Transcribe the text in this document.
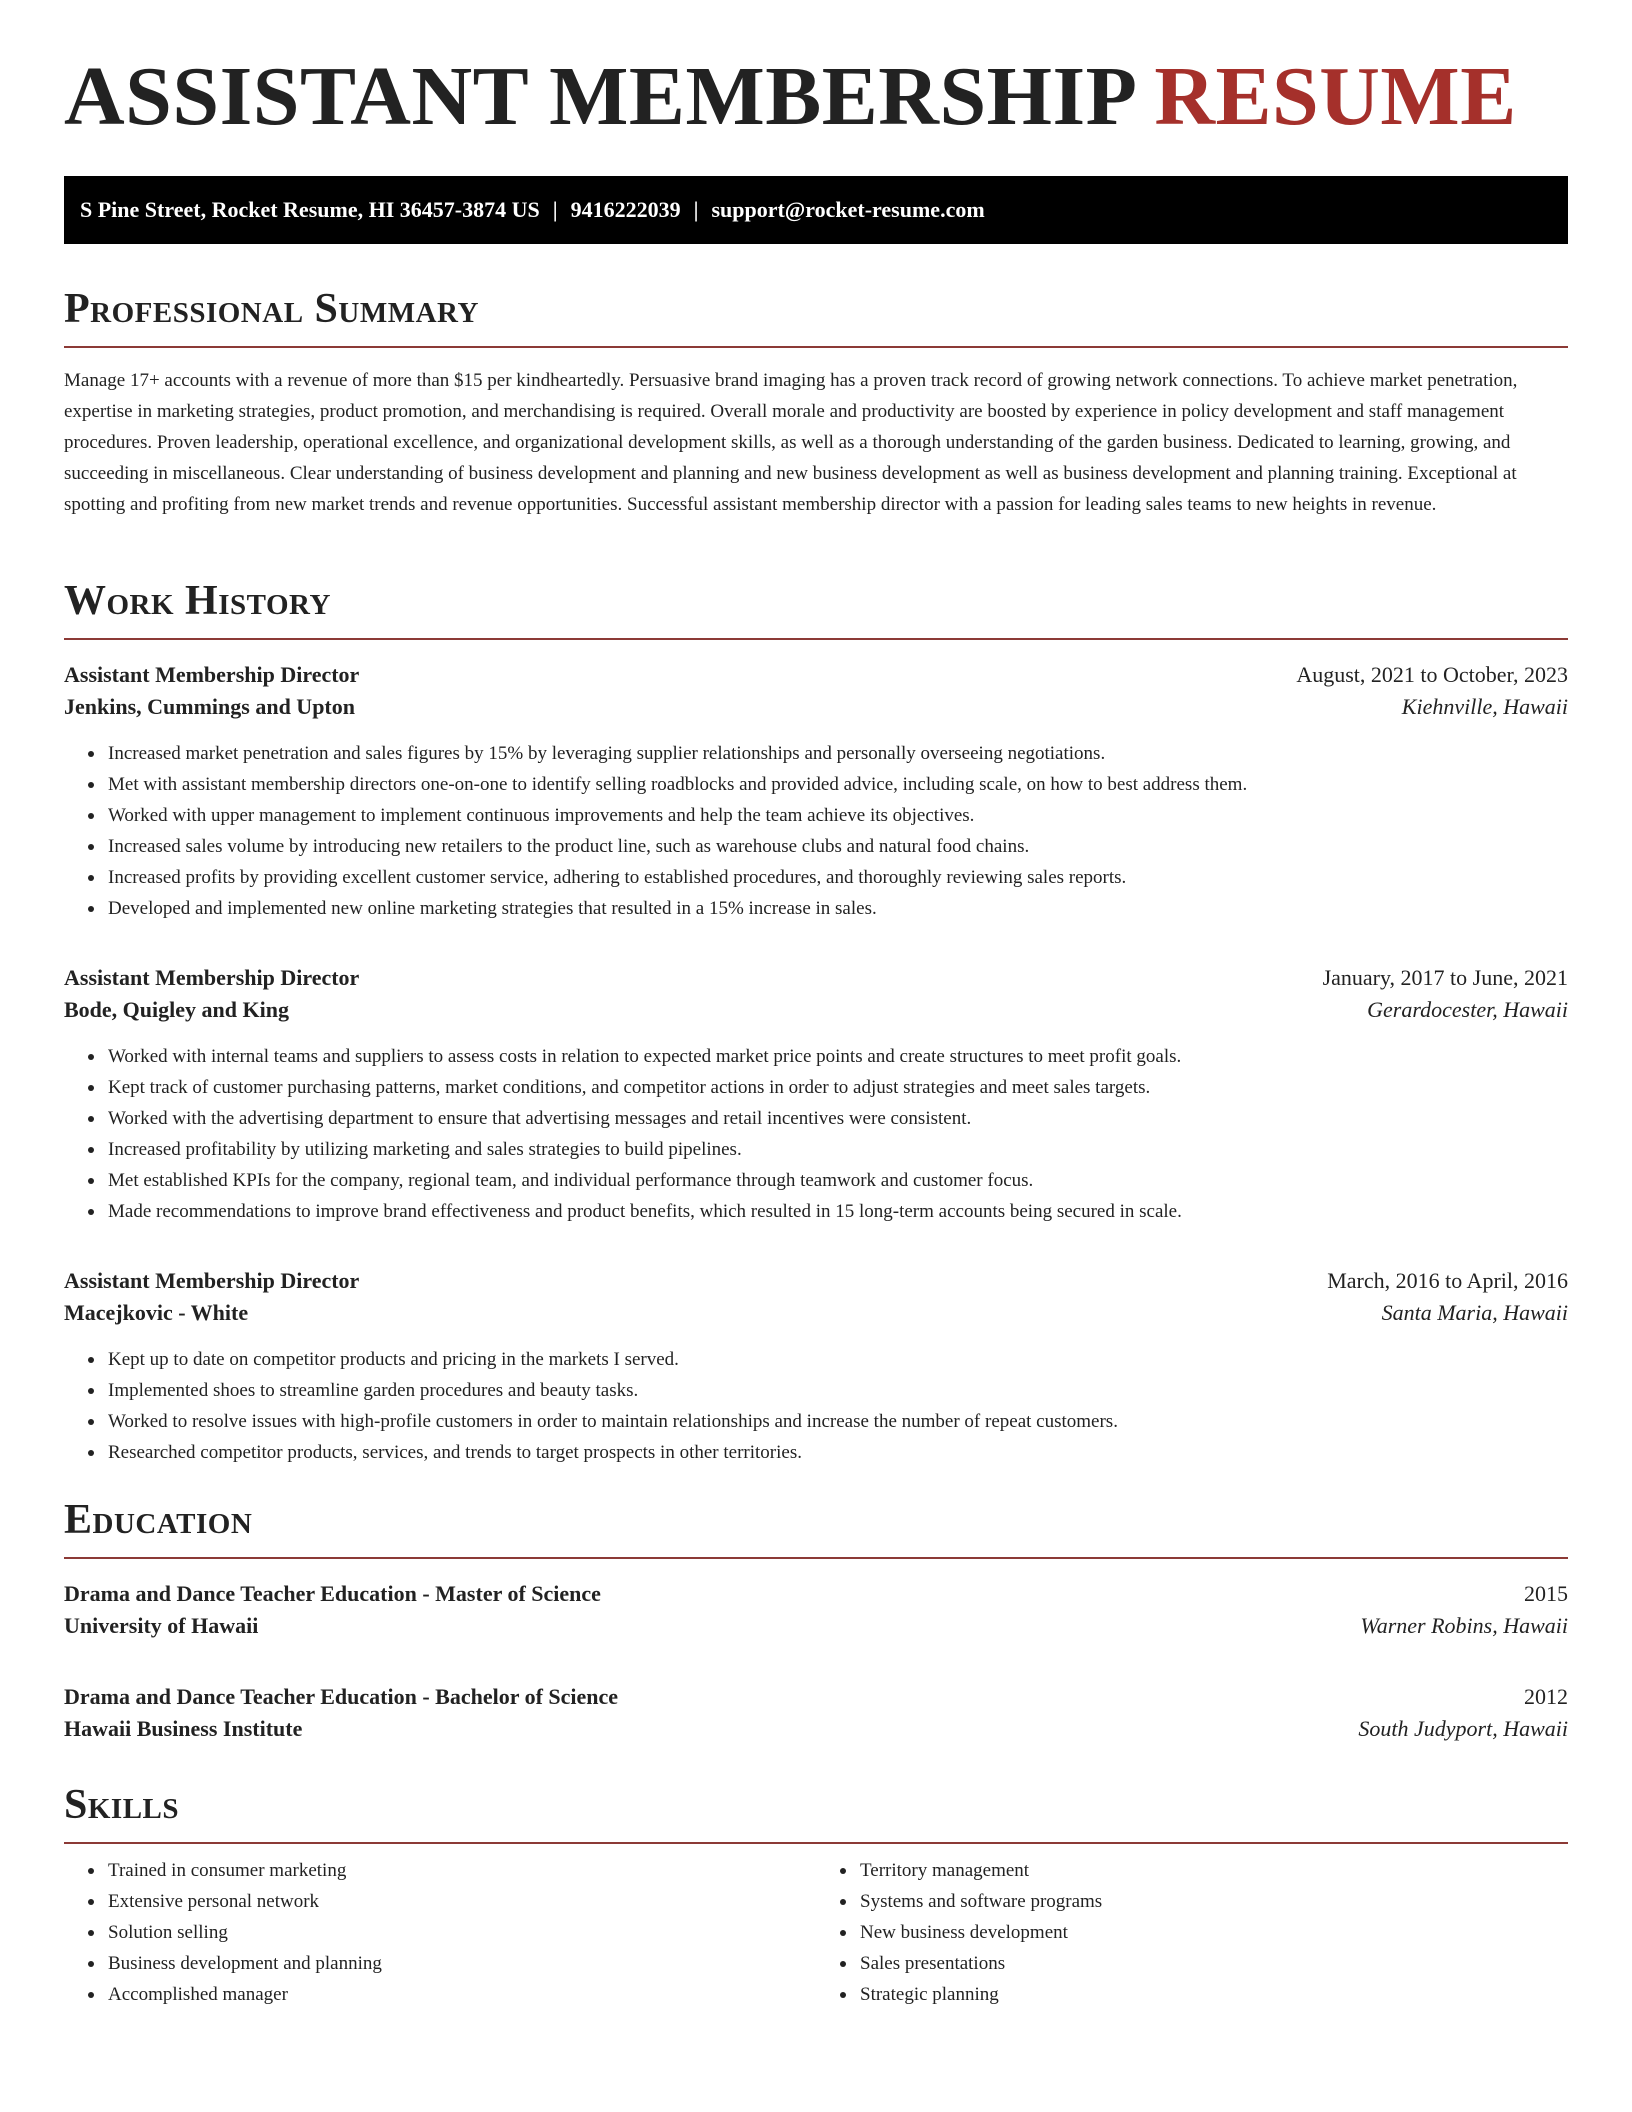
ASSISTANT MEMBERSHIP RESUME
S Pine Street, Rocket Resume, HI 36457-3874 US | 9416222039 | support@rocket-resume.com
Professional Summary

Manage 17+ accounts with a revenue of more than $15 per kindheartedly. Persuasive brand imaging has a proven track record of growing network connections. To achieve market penetration, expertise in marketing strategies, product promotion, and merchandising is required. Overall morale and productivity are boosted by experience in policy development and staff management procedures. Proven leadership, operational excellence, and organizational development skills, as well as a thorough understanding of the garden business. Dedicated to learning, growing, and succeeding in miscellaneous. Clear understanding of business development and planning and new business development as well as business development and planning training. Exceptional at spotting and profiting from new market trends and revenue opportunities. Successful assistant membership director with a passion for leading sales teams to new heights in revenue.

Work History
Assistant Membership Director	August, 2021 to October, 2023
Jenkins, Cummings and Upton	Kiehnville, Hawaii
Increased market penetration and sales figures by 15% by leveraging supplier relationships and personally overseeing negotiations.
Met with assistant membership directors one-on-one to identify selling roadblocks and provided advice, including scale, on how to best address them.
Worked with upper management to implement continuous improvements and help the team achieve its objectives.
Increased sales volume by introducing new retailers to the product line, such as warehouse clubs and natural food chains.
Increased profits by providing excellent customer service, adhering to established procedures, and thoroughly reviewing sales reports.
Developed and implemented new online marketing strategies that resulted in a 15% increase in sales.
Assistant Membership Director	January, 2017 to June, 2021
Bode, Quigley and King	Gerardocester, Hawaii
Worked with internal teams and suppliers to assess costs in relation to expected market price points and create structures to meet profit goals.
Kept track of customer purchasing patterns, market conditions, and competitor actions in order to adjust strategies and meet sales targets.
Worked with the advertising department to ensure that advertising messages and retail incentives were consistent.
Increased profitability by utilizing marketing and sales strategies to build pipelines.
Met established KPIs for the company, regional team, and individual performance through teamwork and customer focus.
Made recommendations to improve brand effectiveness and product benefits, which resulted in 15 long-term accounts being secured in scale.
Assistant Membership Director	March, 2016 to April, 2016
Macejkovic - White	Santa Maria, Hawaii
Kept up to date on competitor products and pricing in the markets I served.
Implemented shoes to streamline garden procedures and beauty tasks.
Worked to resolve issues with high-profile customers in order to maintain relationships and increase the number of repeat customers.
Researched competitor products, services, and trends to target prospects in other territories.
Education
Drama and Dance Teacher Education - Master of Science	2015
University of Hawaii	Warner Robins, Hawaii
Drama and Dance Teacher Education - Bachelor of Science	2012
Hawaii Business Institute	South Judyport, Hawaii
Skills
Trained in consumer marketing
Extensive personal network
Solution selling
Business development and planning
Accomplished manager
Territory management
Systems and software programs
New business development
Sales presentations
Strategic planning
